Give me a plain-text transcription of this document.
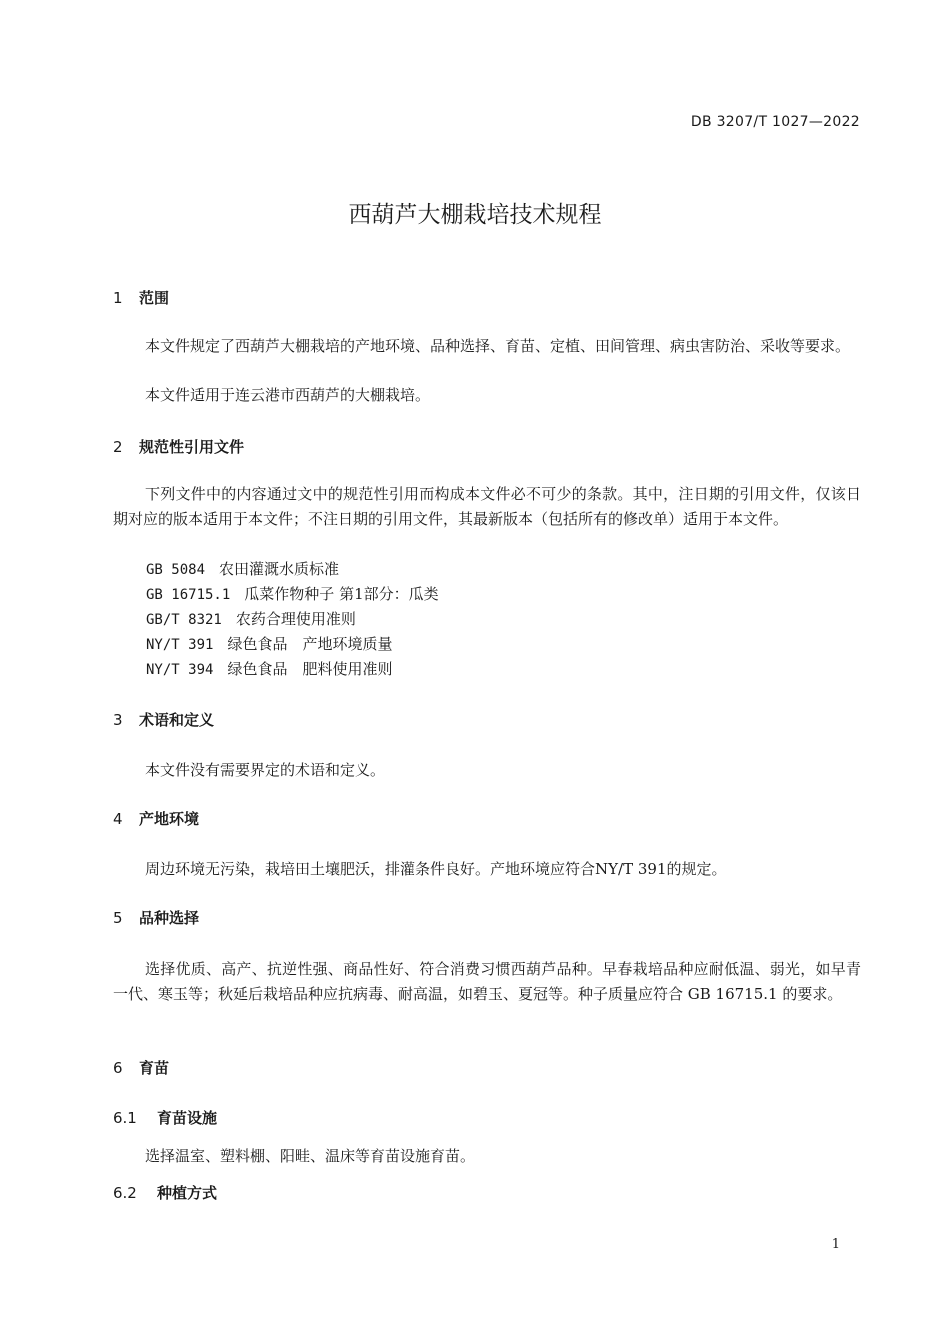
DB 3207/T 1027—2022
西葫芦大棚栽培技术规程
1 范围
本文件规定了西葫芦大棚栽培的产地环境、品种选择、育苗、定植、田间管理、病虫害防治、采收等要求。
本文件适用于连云港市西葫芦的大棚栽培。
2 规范性引用文件
下列文件中的内容通过文中的规范性引用而构成本文件必不可少的条款。其中，注日期的引用文件，仅该日期对应的版本适用于本文件；不注日期的引用文件，其最新版本（包括所有的修改单）适用于本文件。
GB 5084 农田灌溉水质标准
GB 16715.1 瓜菜作物种子 第1部分：瓜类
GB/T 8321 农药合理使用准则
NY/T 391 绿色食品　产地环境质量
NY/T 394 绿色食品　肥料使用准则
3 术语和定义
本文件没有需要界定的术语和定义。
4 产地环境
周边环境无污染，栽培田土壤肥沃，排灌条件良好。产地环境应符合NY/T 391的规定。
5 品种选择
选择优质、高产、抗逆性强、商品性好、符合消费习惯西葫芦品种。早春栽培品种应耐低温、弱光，如早青一代、寒玉等；秋延后栽培品种应抗病毒、耐高温，如碧玉、夏冠等。种子质量应符合 GB 16715.1 的要求。
6 育苗
6.1 育苗设施
选择温室、塑料棚、阳畦、温床等育苗设施育苗。
6.2 种植方式
1
